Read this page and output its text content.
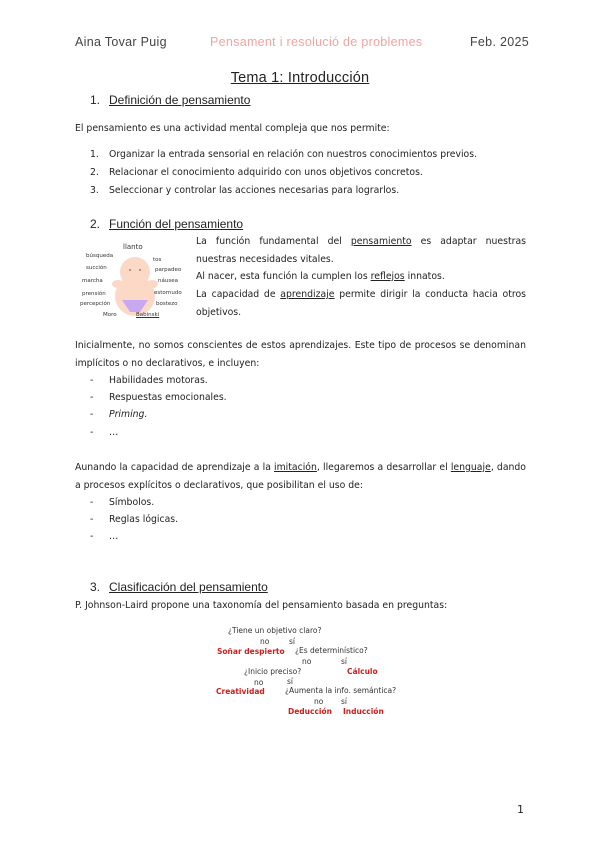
Aina Tovar Puig	Pensament i resolució de problemes	Feb. 2025
Tema 1: Introducción
1. Definición de pensamiento
El pensamiento es una actividad mental compleja que nos permite:
1. Organizar la entrada sensorial en relación con nuestros conocimientos previos.
2. Relacionar el conocimiento adquirido con unos objetivos concretos.
3. Seleccionar y controlar las acciones necesarias para lograrlos.
2. Función del pensamiento
llanto
tos
parpadeo
náusea
estornudo
bostezo
Babinski
Moro
percepción
prensión
marcha
succión
búsqueda
La función fundamental del pensamiento es adaptar nuestras
nuestras necesidades vitales.
Al nacer, esta función la cumplen los reflejos innatos.
La capacidad de aprendizaje permite dirigir la conducta hacia otros
objetivos.
Inicialmente, no somos conscientes de estos aprendizajes. Este tipo de procesos se denominan implícitos o no declarativos, e incluyen:
- Habilidades motoras.
- Respuestas emocionales.
- Priming.
- …
Aunando la capacidad de aprendizaje a la imitación, llegaremos a desarrollar el lenguaje, dando
a procesos explícitos o declarativos, que posibilitan el uso de:
- Símbolos.
- Reglas lógicas.
- …
3. Clasificación del pensamiento
P. Johnson-Laird propone una taxonomía del pensamiento basada en preguntas:
¿Tiene un objetivo claro?
no	sí
Soñar despierto ¿Es determinístico?
no	sí
¿Inicio preciso?	Cálculo
no	sí
Creatividad	¿Aumenta la info. semántica?
no sí
Deducción Inducción
1
